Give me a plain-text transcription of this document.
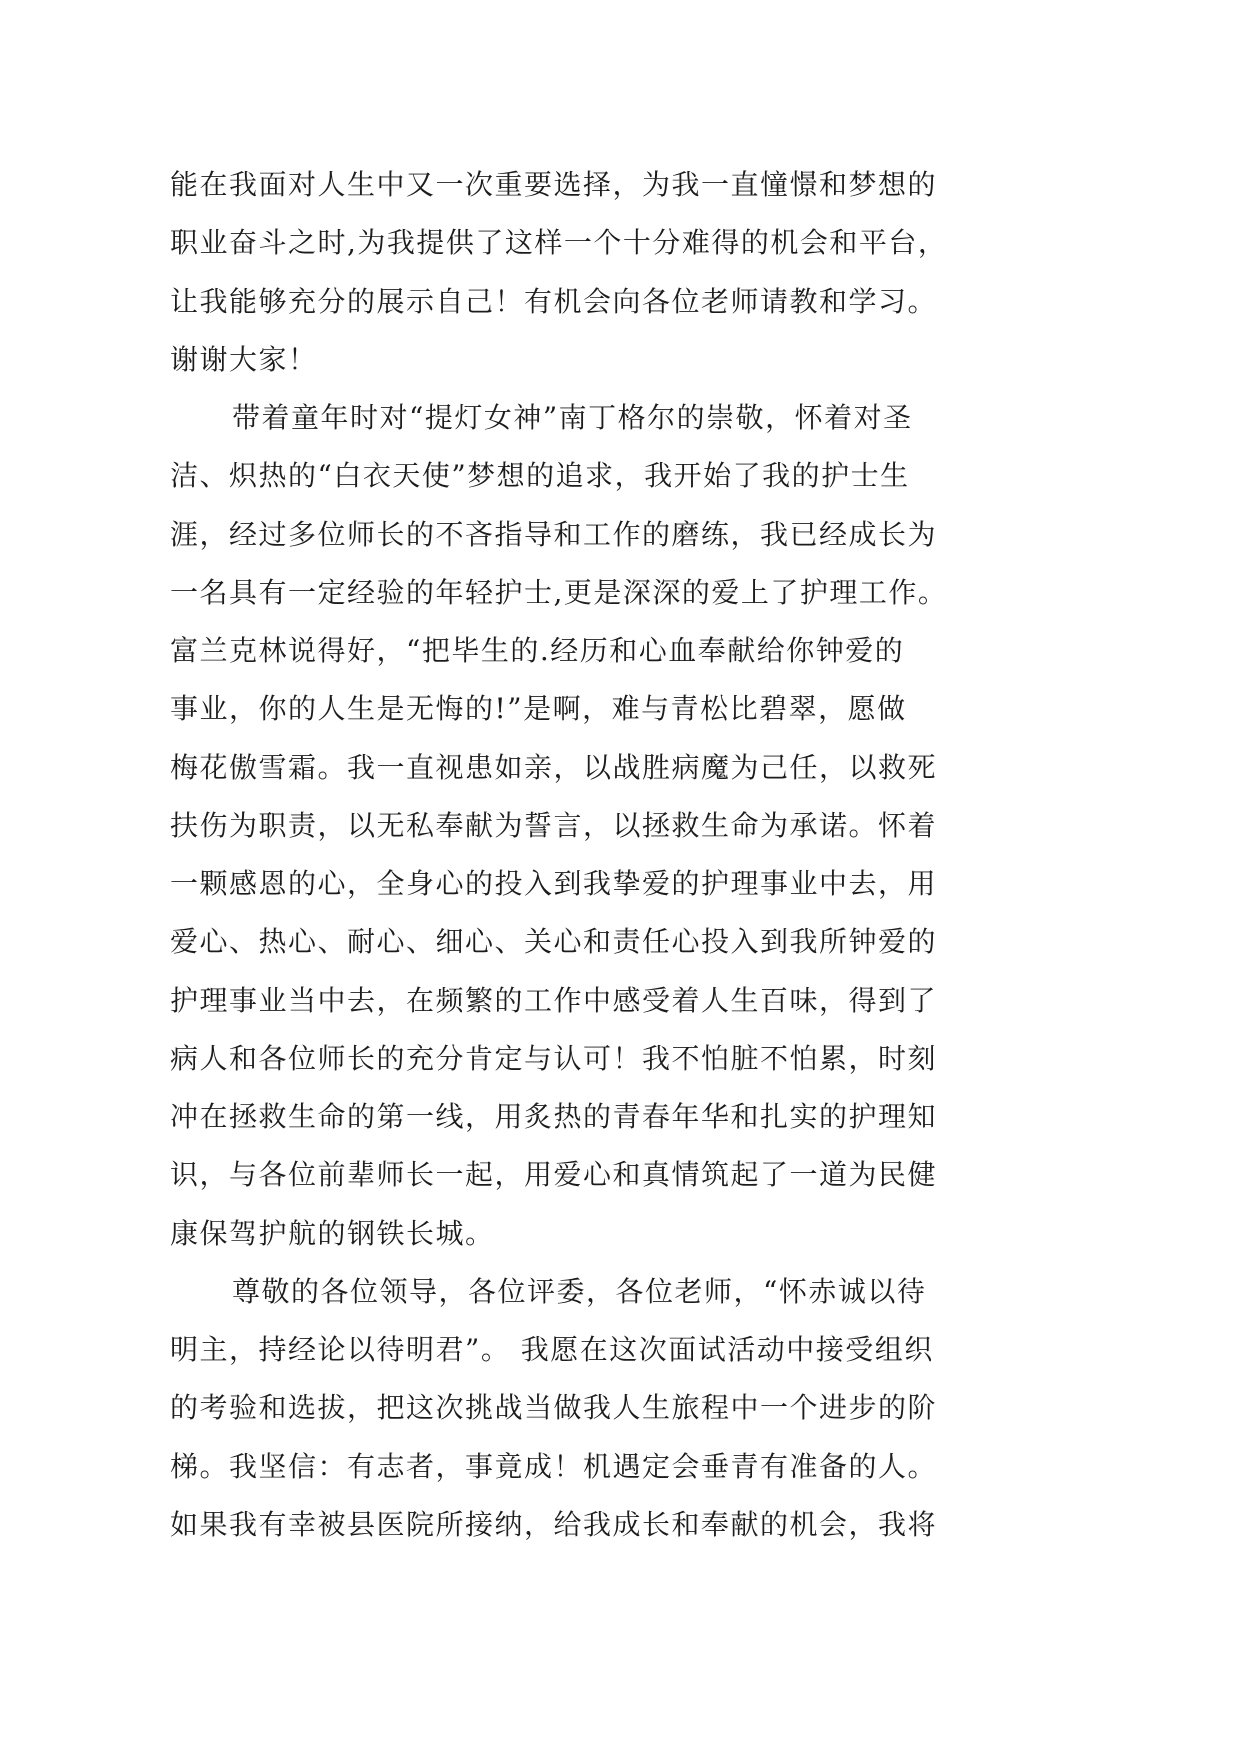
能在我面对人生中又一次重要选择，为我一直憧憬和梦想的
职业奋斗之时,为我提供了这样一个十分难得的机会和平台，
让我能够充分的展示自己！有机会向各位老师请教和学习。
谢谢大家！
带着童年时对“提灯女神”南丁格尔的崇敬，怀着对圣
洁、炽热的“白衣天使”梦想的追求，我开始了我的护士生
涯，经过多位师长的不吝指导和工作的磨练，我已经成长为
一名具有一定经验的年轻护士,更是深深的爱上了护理工作。
富兰克林说得好，“把毕生的.经历和心血奉献给你钟爱的
事业，你的人生是无悔的!”是啊，难与青松比碧翠，愿做
梅花傲雪霜。我一直视患如亲，以战胜病魔为己任，以救死
扶伤为职责，以无私奉献为誓言，以拯救生命为承诺。怀着
一颗感恩的心，全身心的投入到我挚爱的护理事业中去，用
爱心、热心、耐心、细心、关心和责任心投入到我所钟爱的
护理事业当中去，在频繁的工作中感受着人生百味，得到了
病人和各位师长的充分肯定与认可！我不怕脏不怕累，时刻
冲在拯救生命的第一线，用炙热的青春年华和扎实的护理知
识，与各位前辈师长一起，用爱心和真情筑起了一道为民健
康保驾护航的钢铁长城。
尊敬的各位领导，各位评委，各位老师，“怀赤诚以待
明主，持经论以待明君”。 我愿在这次面试活动中接受组织
的考验和选拔，把这次挑战当做我人生旅程中一个进步的阶
梯。我坚信：有志者，事竟成！机遇定会垂青有准备的人。
如果我有幸被县医院所接纳，给我成长和奉献的机会，我将
